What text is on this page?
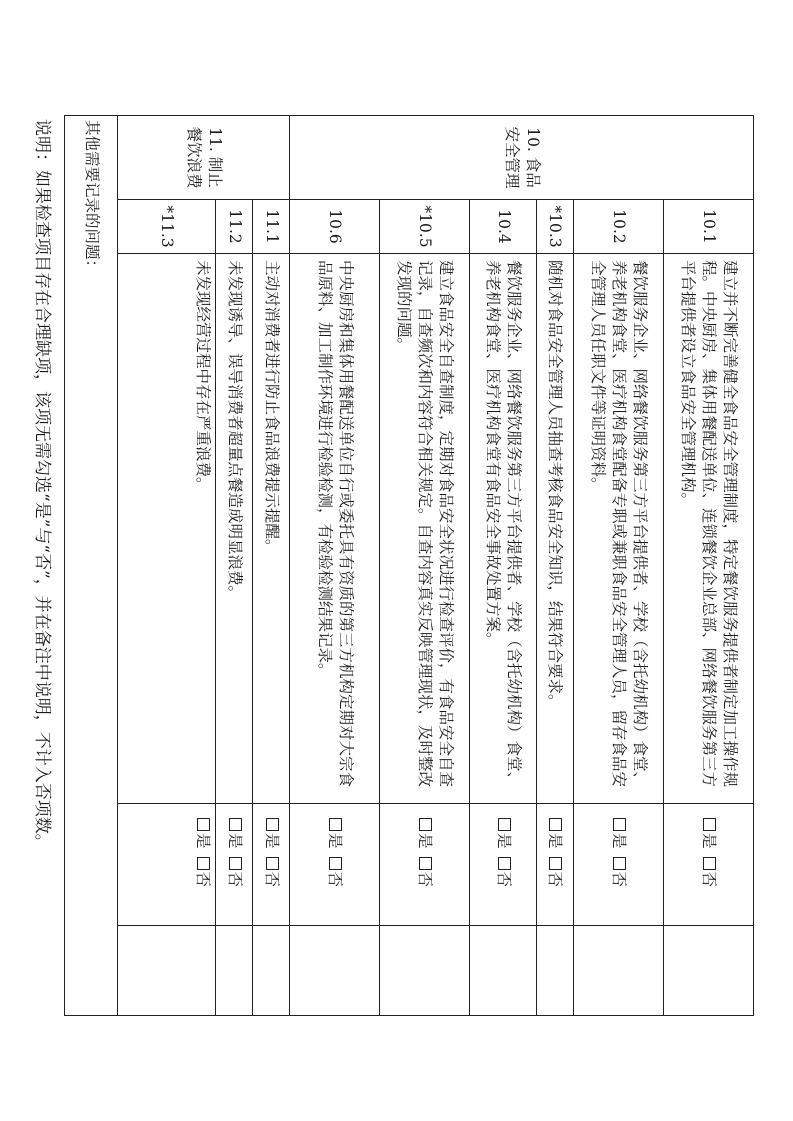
10. 食品安全管理	10.1	建立并不断完善健全食品安全管理制度，特定餐饮服务提供者制定加工操作规程。中央厨房、集体用餐配送单位、连锁餐饮企业总部、网络餐饮服务第三方平台提供者设立食品安全管理机构。	是否	
	10.2	餐饮服务企业、网络餐饮服务第三方平台提供者、学校（含托幼机构）食堂、养老机构食堂、医疗机构食堂配备专职或兼职食品安全管理人员，留存食品安全管理人员任职文件等证明资料。	是否	
	*10.3	随机对食品安全管理人员抽查考核食品安全知识，结果符合要求。	是否	
	10.4	餐饮服务企业、网络餐饮服务第三方平台提供者、学校（含托幼机构）食堂、养老机构食堂、医疗机构食堂有食品安全事故处置方案。	是否	
	*10.5	建立食品安全自查制度，定期对食品安全状况进行检查评价，有食品安全自查记录，自查频次和内容符合相关规定。自查内容真实反映管理现状，及时整改发现的问题。	是否	
	10.6	中央厨房和集体用餐配送单位自行或委托具有资质的第三方机构定期对大宗食品原料、加工制作环境进行检验检测，有检验检测结果记录。	是否	
11. 制止餐饮浪费	11.1	主动对消费者进行防止食品浪费提示提醒。	是否	
	11.2	未发现诱导、误导消费者超量点餐造成明显浪费。	是否	
	*11.3	未发现经营过程中存在严重浪费。	是否	
其他需要记录的问题：				
说明：如果检查项目存在合理缺项，该项无需勾选“是”与“否”，并在备注中说明，不计入否项数。
